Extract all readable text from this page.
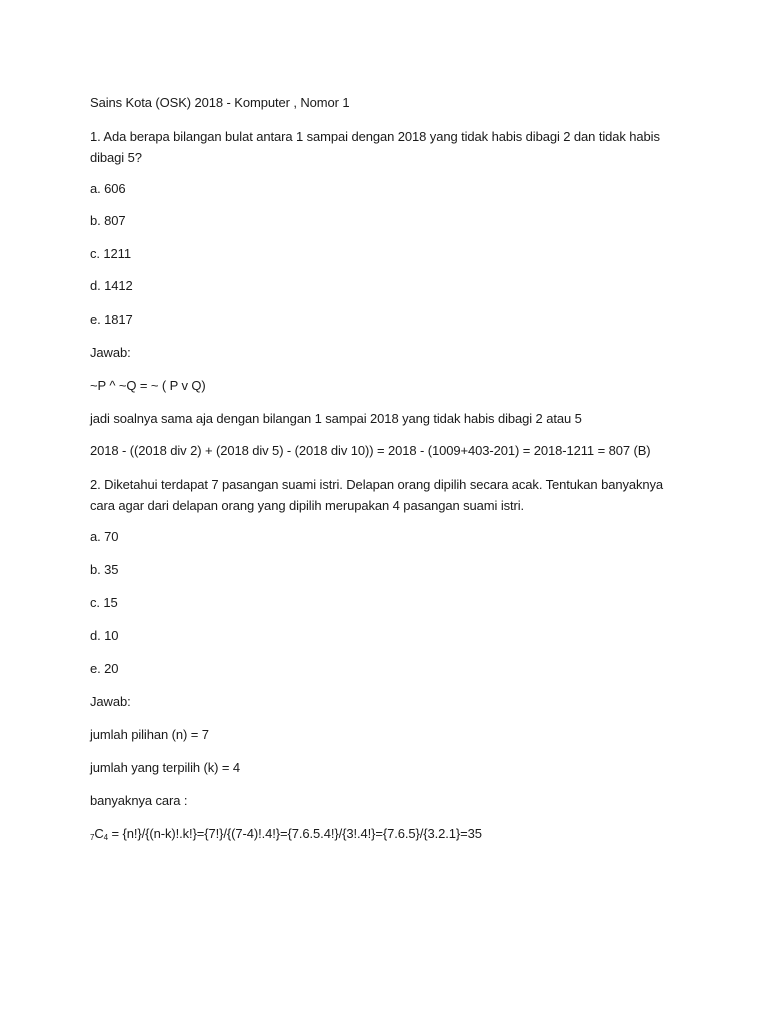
Sains Kota (OSK) 2018 - Komputer , Nomor 1
1. Ada berapa bilangan bulat antara 1 sampai dengan 2018 yang tidak habis dibagi 2 dan tidak habis dibagi 5?
a. 606
b. 807
c. 1211
d. 1412
e. 1817
Jawab:
~P ^ ~Q = ~ ( P v Q)
jadi soalnya sama aja dengan bilangan 1 sampai 2018 yang tidak habis dibagi 2 atau 5
2018 - ((2018 div 2) + (2018 div 5) - (2018 div 10)) = 2018 - (1009+403-201) = 2018-1211 = 807 (B)
2. Diketahui terdapat 7 pasangan suami istri. Delapan orang dipilih secara acak. Tentukan banyaknya cara agar dari delapan orang yang dipilih merupakan 4 pasangan suami istri.
a. 70
b. 35
c. 15
d. 10
e. 20
Jawab:
jumlah pilihan (n) = 7
jumlah yang terpilih (k) = 4
banyaknya cara :
$_7C_4 = \{n!\}/\{(n-k)!.k!\}=\{7!\}/\{(7-4)!.4!\}=\{7.6.5.4!\}/\{3!.4!\}=\{7.6.5\}/\{3.2.1\}=35$
